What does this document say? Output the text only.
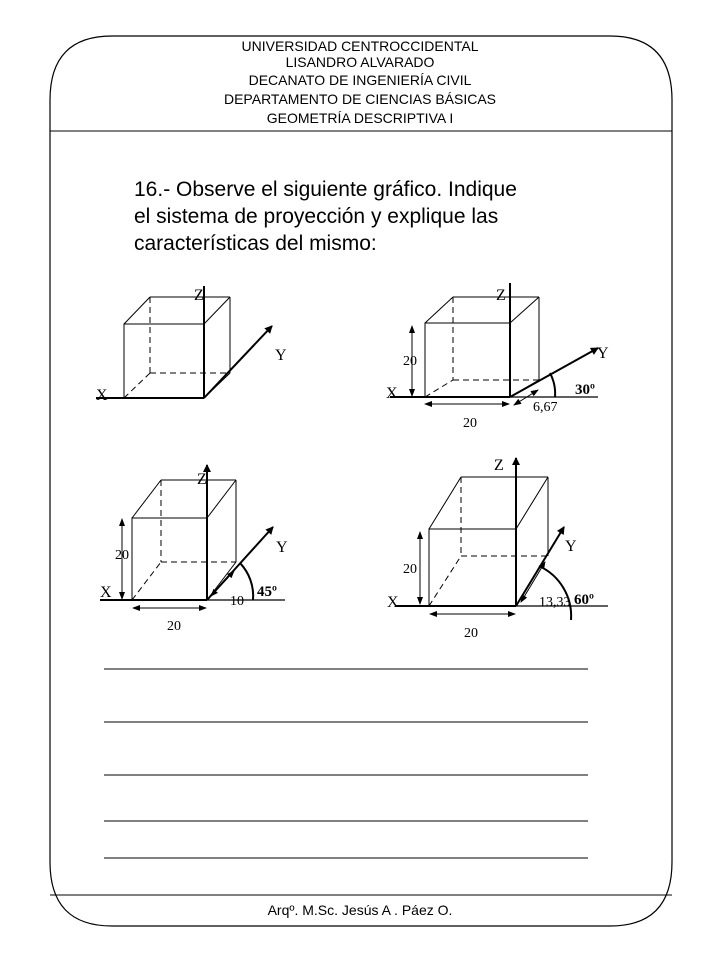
UNIVERSIDAD CENTROCCIDENTAL
LISANDRO ALVARADO
DECANATO DE INGENIERÍA CIVIL
DEPARTAMENTO DE CIENCIAS BÁSICAS
GEOMETRÍA DESCRIPTIVA I
16.- Observe el siguiente gráfico. Indique
el sistema de proyección y explique las
características del mismo:
Z
Y
X
Z
Y
X
20
20
6,67
30º
Z
Y
X
20
20
10
45º
Z
Y
X
20
20
13,33 60º
Arqº. M.Sc. Jesús A . Páez O.
